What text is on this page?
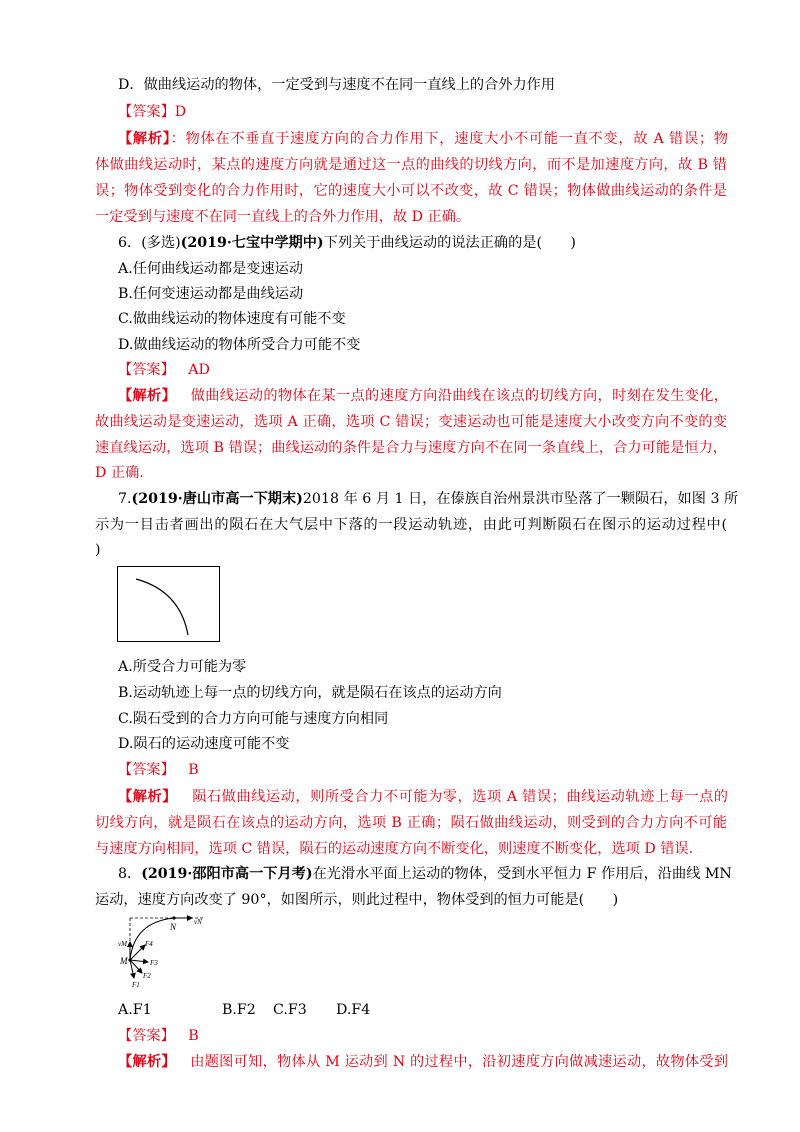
D．做曲线运动的物体，一定受到与速度不在同一直线上的合外力作用
【答案】D
【解析】：物体在不垂直于速度方向的合力作用下，速度大小不可能一直不变，故 A 错误；物
体做曲线运动时，某点的速度方向就是通过这一点的曲线的切线方向，而不是加速度方向，故 B 错
误；物体受到变化的合力作用时，它的速度大小可以不改变，故 C 错误；物体做曲线运动的条件是
一定受到与速度不在同一直线上的合外力作用，故 D 正确。
6．(多选)(2019·七宝中学期中)下列关于曲线运动的说法正确的是(　　)
A.任何曲线运动都是变速运动
B.任何变速运动都是曲线运动
C.做曲线运动的物体速度有可能不变
D.做曲线运动的物体所受合力可能不变
【答案】 AD
【解析】 做曲线运动的物体在某一点的速度方向沿曲线在该点的切线方向，时刻在发生变化，
故曲线运动是变速运动，选项 A 正确，选项 C 错误；变速运动也可能是速度大小改变方向不变的变
速直线运动，选项 B 错误；曲线运动的条件是合力与速度方向不在同一条直线上，合力可能是恒力，
D 正确.
7.(2019·唐山市高一下期末)2018 年 6 月 1 日，在傣族自治州景洪市坠落了一颗陨石，如图 3 所
示为一目击者画出的陨石在大气层中下落的一段运动轨迹，由此可判断陨石在图示的运动过程中(
)
A.所受合力可能为零
B.运动轨迹上每一点的切线方向，就是陨石在该点的运动方向
C.陨石受到的合力方向可能与速度方向相同
D.陨石的运动速度可能不变
【答案】 B
【解析】 陨石做曲线运动，则所受合力不可能为零，选项 A 错误；曲线运动轨迹上每一点的
切线方向，就是陨石在该点的运动方向，选项 B 正确；陨石做曲线运动，则受到的合力方向不可能
与速度方向相同，选项 C 错误，陨石的运动速度方向不断变化，则速度不断变化，选项 D 错误.
8．(2019·邵阳市高一下月考)在光滑水平面上运动的物体，受到水平恒力 F 作用后，沿曲线 MN
运动，速度方向改变了 90°，如图所示，则此过程中，物体受到的恒力可能是(　　)
N	vN
vM
M
F4
F3
F2
F1
A.F1	B.F2 C.F3 D.F4
【答案】 B
【解析】 由题图可知，物体从 M 运动到 N 的过程中，沿初速度方向做减速运动，故物体受到
